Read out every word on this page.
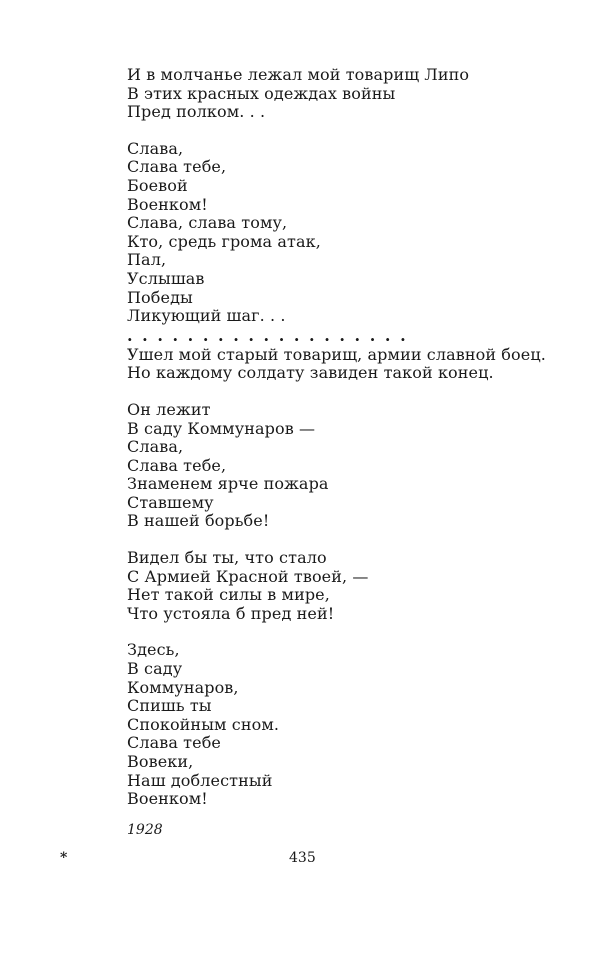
И в молчанье лежал мой товарищ Липо
В этих красных одеждах войны
Пред полком. . .
Слава,
Слава тебе,
Боевой
Военком!
Слава, слава тому,
Кто, средь грома атак,
Пал,
Услышав
Победы
Ликующий шаг. . .
...................
Ушел мой старый товарищ, армии славной боец.
Но каждому солдату завиден такой конец.
Он лежит
В саду Коммунаров —
Слава,
Слава тебе,
Знаменем ярче пожара
Ставшему
В нашей борьбе!
Видел бы ты, что стало
С Армией Красной твоей, —
Нет такой силы в мире,
Что устояла б пред ней!
Здесь,
В саду
Коммунаров,
Спишь ты
Спокойным сном.
Слава тебе
Вовеки,
Наш доблестный
Военком!
1928
*	435
